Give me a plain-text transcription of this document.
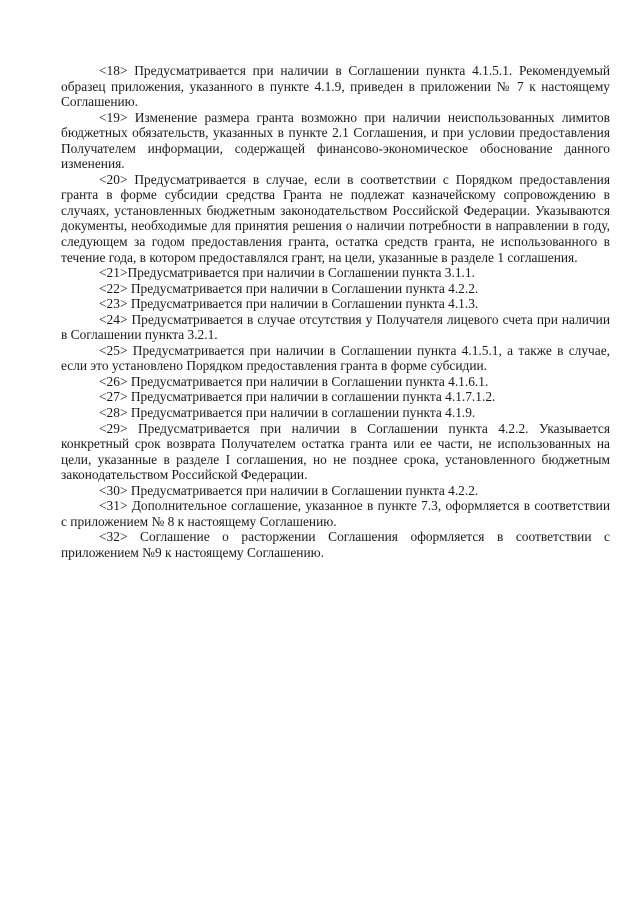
<18> Предусматривается при наличии в Соглашении пункта 4.1.5.1. Рекомендуемый образец приложения, указанного в пункте 4.1.9, приведен в приложении № 7 к настоящему Соглашению.

<19> Изменение размера гранта возможно при наличии неиспользованных лимитов бюджетных обязательств, указанных в пункте 2.1 Соглашения, и при условии предоставления Получателем информации, содержащей финансово-экономическое обоснование данного изменения.

<20> Предусматривается в случае, если в соответствии с Порядком предоставления гранта в форме субсидии средства Гранта не подлежат казначейскому сопровождению в случаях, установленных бюджетным законодательством Российской Федерации. Указываются документы, необходимые для принятия решения о наличии потребности в направлении в году, следующем за годом предоставления гранта, остатка средств гранта, не использованного в течение года, в котором предоставлялся грант, на цели, указанные в разделе 1 соглашения.

<21>Предусматривается при наличии в Соглашении пункта 3.1.1.

<22> Предусматривается при наличии в Соглашении пункта 4.2.2.

<23> Предусматривается при наличии в Соглашении пункта 4.1.3.

<24> Предусматривается в случае отсутствия у Получателя лицевого счета при наличии в Соглашении пункта 3.2.1.

<25> Предусматривается при наличии в Соглашении пункта 4.1.5.1, а также в случае, если это установлено Порядком предоставления гранта в форме субсидии.

<26> Предусматривается при наличии в Соглашении пункта 4.1.6.1.

<27> Предусматривается при наличии в соглашении пункта 4.1.7.1.2.

<28> Предусматривается при наличии в соглашении пункта 4.1.9.

<29> Предусматривается при наличии в Соглашении пункта 4.2.2. Указывается конкретный срок возврата Получателем остатка гранта или ее части, не использованных на цели, указанные в разделе I соглашения, но не позднее срока, установленного бюджетным законодательством Российской Федерации.

<30> Предусматривается при наличии в Соглашении пункта 4.2.2.

<31> Дополнительное соглашение, указанное в пункте 7.3, оформляется в соответствии с приложением № 8 к настоящему Соглашению.

<32> Соглашение о расторжении Соглашения оформляется в соответствии с приложением №9 к настоящему Соглашению.
